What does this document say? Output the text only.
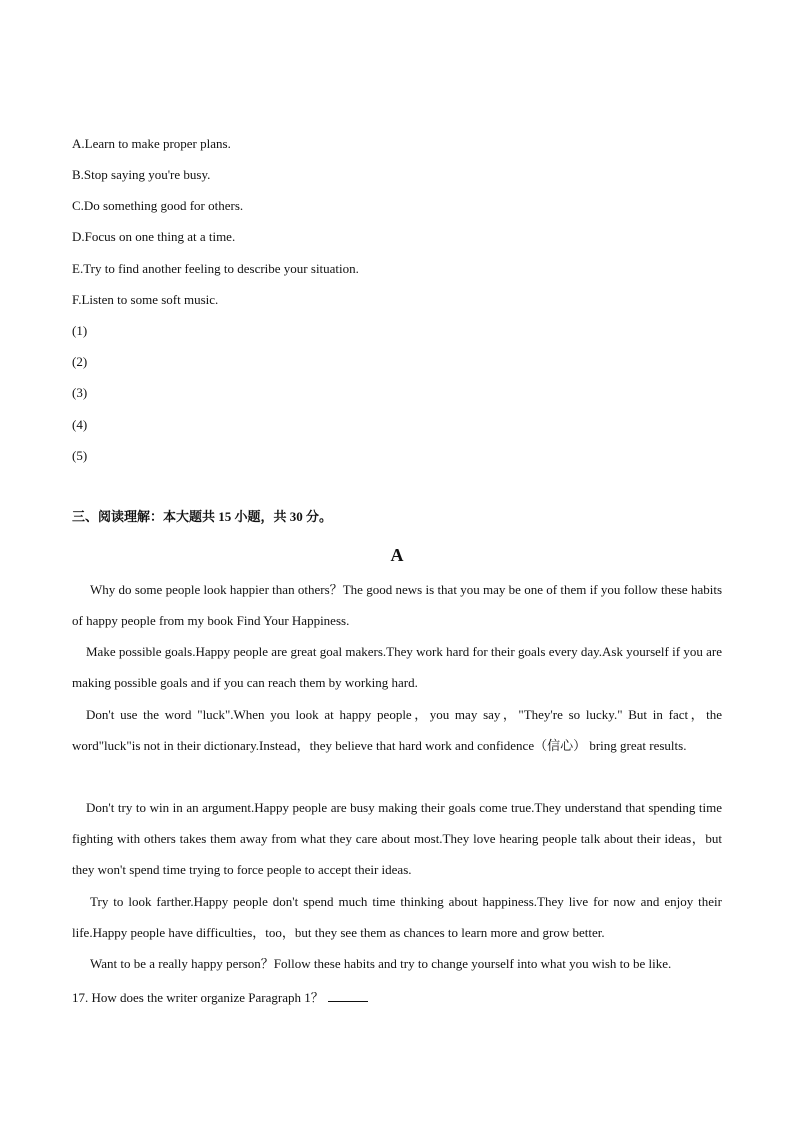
A.Learn to make proper plans.
B.Stop saying you're busy.
C.Do something good for others.
D.Focus on one thing at a time.
E.Try to find another feeling to describe your situation.
F.Listen to some soft music.
(1)
(2)
(3)
(4)
(5)
三、阅读理解：本大题共 15 小题，共 30 分。
A
Why do some people look happier than others？The good news is that you may be one of them if you follow these habits of happy people from my book Find Your Happiness.
Make possible goals.Happy people are great goal makers.They work hard for their goals every day.Ask yourself if you are making possible goals and if you can reach them by working hard.
Don't use the word "luck".When you look at happy people，you may say，"They're so lucky." But in fact，the word"luck"is not in their dictionary.Instead，they believe that hard work and confidence（信心） bring great results.
Don't try to win in an argument.Happy people are busy making their goals come true.They understand that spending time fighting with others takes them away from what they care about most.They love hearing people talk about their ideas，but they won't spend time trying to force people to accept their ideas.
Try to look farther.Happy people don't spend much time thinking about happiness.They live for now and enjoy their life.Happy people have difficulties，too，but they see them as chances to learn more and grow better.
Want to be a really happy person？Follow these habits and try to change yourself into what you wish to be like.
17. How does the writer organize Paragraph 1？
